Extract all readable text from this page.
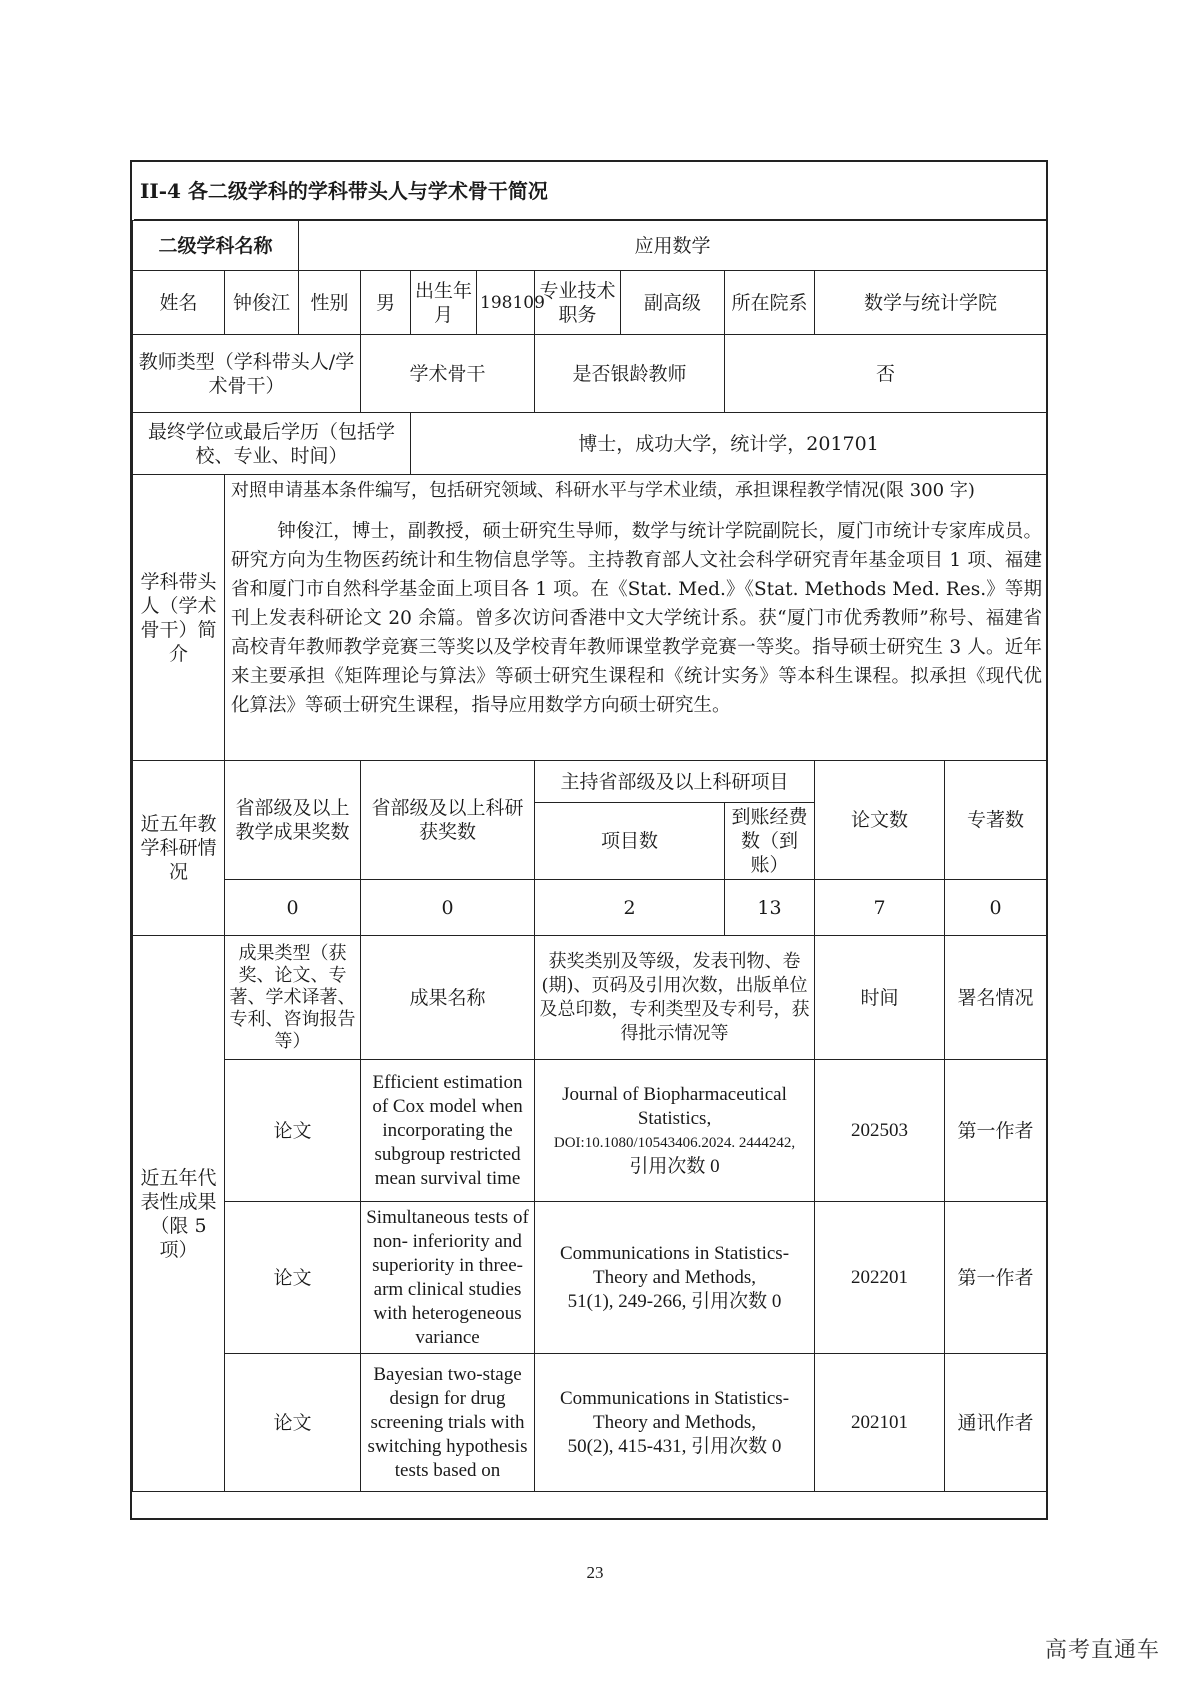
II-4 各二级学科的学科带头人与学术骨干简况
二级学科名称		应用数学								
姓名	钟俊江	性别	男	出生年月	198109	专业技术职务	副高级	所在院系	数学与统计学院	
教师类型（学科带头人/学术骨干）			学术骨干			是否银龄教师		否		
最终学位或最后学历（包括学校、专业、时间）				博士，成功大学，统计学，201701						
学科带头人（学术骨干）简介	对照申请基本条件编写，包括研究领域、科研水平与学术业绩，承担课程教学情况(限 300 字)
钟俊江，博士，副教授，硕士研究生导师，数学与统计学院副院长，厦门市统计专家库成员。研究方向为生物医药统计和生物信息学等。主持教育部人文社会科学研究青年基金项目 1 项、福建省和厦门市自然科学基金面上项目各 1 项。在《Stat. Med.》《Stat. Methods Med. Res.》等期刊上发表科研论文 20 余篇。曾多次访问香港中文大学统计系。获“厦门市优秀教师”称号、福建省高校青年教师教学竞赛三等奖以及学校青年教师课堂教学竞赛一等奖。指导硕士研究生 3 人。近年来主要承担《矩阵理论与算法》等硕士研究生课程和《统计实务》等本科生课程。拟承担《现代优化算法》等硕士研究生课程，指导应用数学方向硕士研究生。									

近五年教学科研情况	省部级及以上教学成果奖数		省部级及以上科研获奖数			主持省部级及以上科研项目			论文数	专著数
						项目数		到账经费数（到账）		
	0		0			2		13	7	0
近五年代表性成果（限 5 项）	成果类型（获奖、论文、专著、学术译著、专利、咨询报告等）		成果名称			获奖类别及等级，发表刊物、卷(期)、页码及引用次数，出版单位及总印数，专利类型及专利号，获得批示情况等			时间	署名情况
	论文		Efficient estimation of Cox model when incorporating the subgroup restricted mean survival time			Journal of Biopharmaceutical Statistics,
DOI:10.1080/10543406.2024. 2444242,
引用次数 0			202503	第一作者
	论文		Simultaneous tests of non- inferiority and superiority in three-arm clinical studies with heterogeneous variance			Communications in Statistics-Theory and Methods,
51(1), 249-266, 引用次数 0			202201	第一作者
	论文		Bayesian two-stage design for drug screening trials with switching hypothesis tests based on			Communications in Statistics-Theory and Methods,
50(2), 415-431, 引用次数 0			202101	通讯作者
23
高考直通车
